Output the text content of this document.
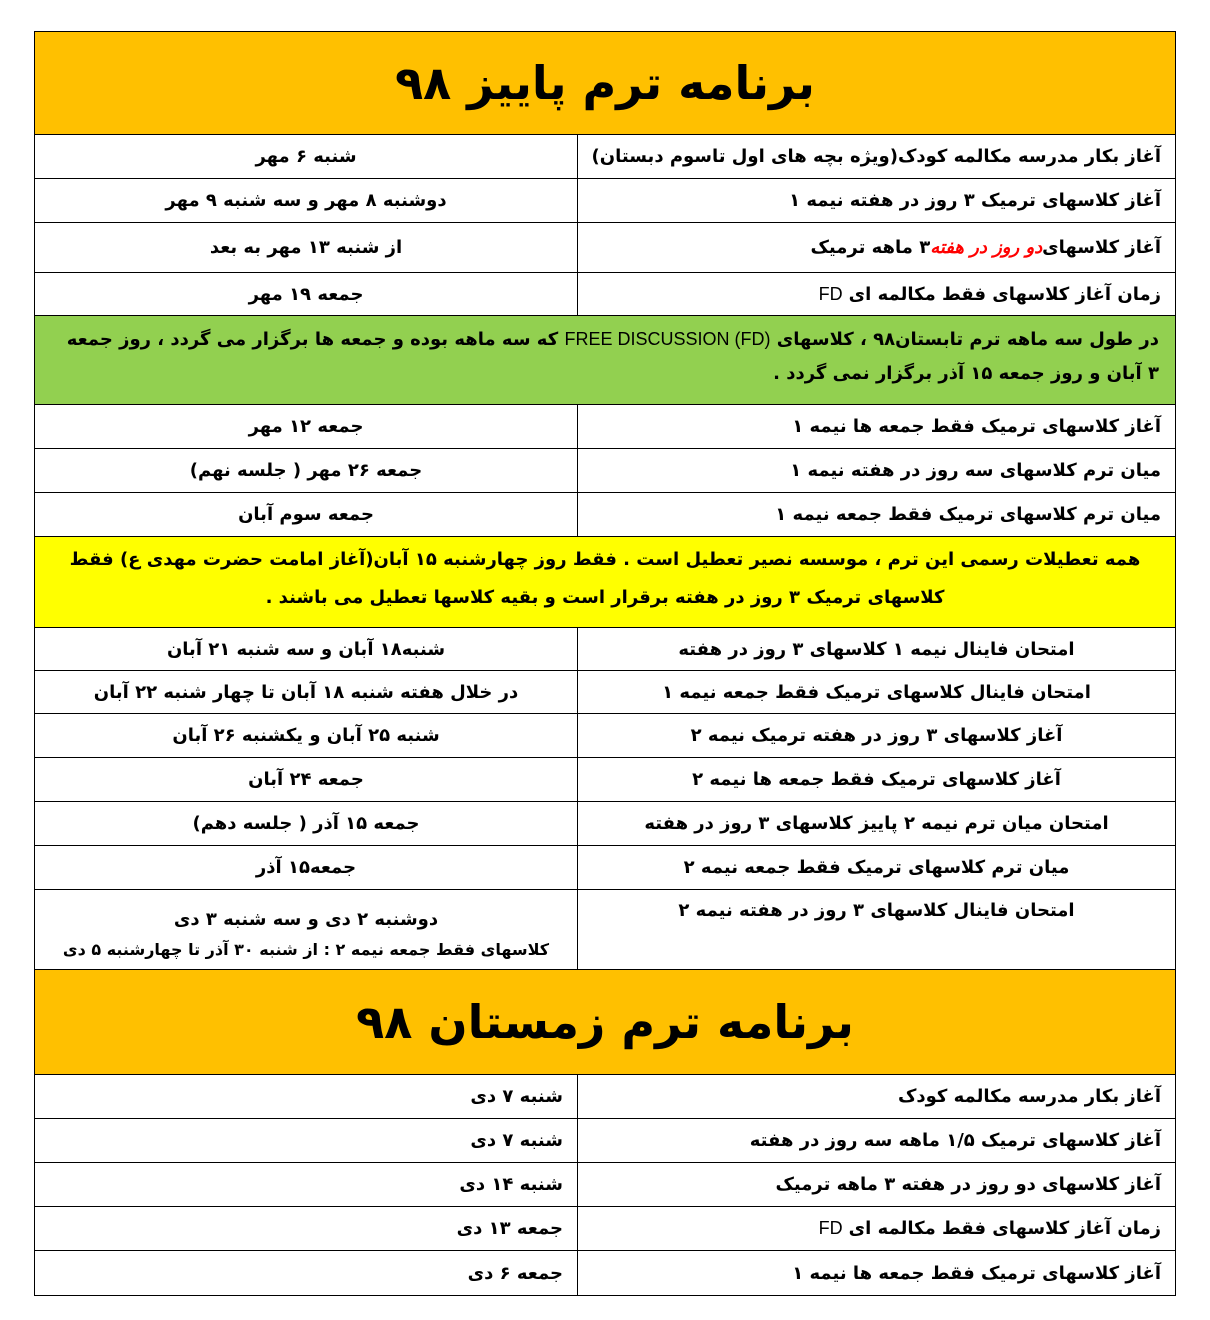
برنامه ترم پاییز ۹۸
آغاز بکار مدرسه مکالمه کودک(ویژه بچه های اول تاسوم دبستان)
شنبه ۶ مهر
آغاز کلاسهای ترمیک ۳ روز در هفته نیمه ۱
دوشنبه ۸ مهر و سه شنبه ۹ مهر
آغاز کلاسهای
دو روز در هفته
۳ ماهه ترمیک
از شنبه ۱۳ مهر به بعد
زمان آغاز کلاسهای فقط مکالمه ای
FD
جمعه ۱۹ مهر
در طول سه ماهه ترم تابستان۹۸ ، کلاسهای FREE DISCUSSION (FD) که سه ماهه بوده و جمعه ها برگزار می گردد ، روز جمعه ۳ آبان و روز جمعه ۱۵ آذر برگزار نمی گردد .
آغاز کلاسهای ترمیک فقط جمعه ها نیمه ۱
جمعه ۱۲ مهر
میان ترم کلاسهای سه روز در هفته نیمه ۱
جمعه ۲۶ مهر ( جلسه نهم)
میان ترم کلاسهای ترمیک فقط جمعه نیمه ۱
جمعه سوم آبان
همه تعطیلات رسمی این ترم ، موسسه نصیر تعطیل است . فقط روز چهارشنبه ۱۵ آبان(آغاز امامت حضرت مهدی ع) فقط کلاسهای ترمیک ۳ روز در هفته برقرار است و بقیه کلاسها تعطیل می باشند .
امتحان فاینال نیمه ۱ کلاسهای ۳ روز در هفته
شنبه۱۸ آبان و سه شنبه ۲۱ آبان
امتحان فاینال کلاسهای ترمیک فقط جمعه نیمه ۱
در خلال هفته شنبه ۱۸ آبان تا چهار شنبه ۲۲ آبان
آغاز کلاسهای ۳ روز در هفته ترمیک نیمه ۲
شنبه ۲۵ آبان و یکشنبه ۲۶ آبان
آغاز کلاسهای ترمیک فقط جمعه ها نیمه ۲
جمعه ۲۴ آبان
امتحان میان ترم نیمه ۲ پاییز کلاسهای ۳ روز در هفته
جمعه ۱۵ آذر ( جلسه دهم)
میان ترم کلاسهای ترمیک فقط جمعه نیمه ۲
جمعه۱۵ آذر
امتحان فاینال کلاسهای ۳ روز در هفته نیمه ۲
دوشنبه ۲ دی و سه شنبه ۳ دی
کلاسهای فقط جمعه نیمه ۲ : از شنبه ۳۰ آذر تا چهارشنبه ۵ دی
برنامه ترم زمستان ۹۸
آغاز بکار مدرسه مکالمه کودک
شنبه ۷ دی
آغاز کلاسهای ترمیک ۱/۵ ماهه سه روز در هفته
شنبه ۷ دی
آغاز کلاسهای دو روز در هفته ۳ ماهه ترمیک
شنبه ۱۴ دی
زمان آغاز کلاسهای فقط مکالمه ای
FD
جمعه ۱۳ دی
آغاز کلاسهای ترمیک فقط جمعه ها نیمه ۱
جمعه ۶ دی
